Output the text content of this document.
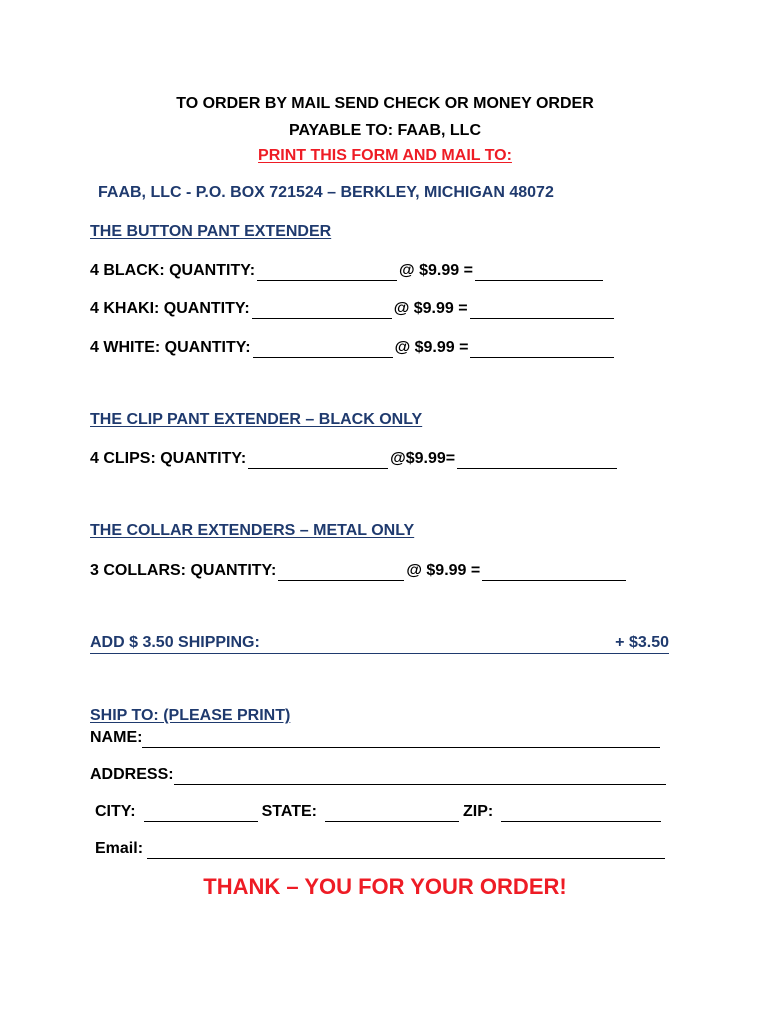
TO ORDER BY MAIL SEND CHECK OR MONEY ORDER
PAYABLE TO: FAAB, LLC
PRINT THIS FORM AND MAIL TO:
FAAB, LLC - P.O. BOX 721524 – BERKLEY, MICHIGAN 48072
THE BUTTON PANT EXTENDER
4 BLACK: QUANTITY:	@ $9.99 =
4 KHAKI: QUANTITY:	@ $9.99 =
4 WHITE: QUANTITY:	@ $9.99 =
THE CLIP PANT EXTENDER – BLACK ONLY
4 CLIPS: QUANTITY:	@$9.99=
THE COLLAR EXTENDERS – METAL ONLY
3 COLLARS: QUANTITY:	@ $9.99 =
ADD $ 3.50 SHIPPING:	+ $3.50
SHIP TO: (PLEASE PRINT)
NAME:
ADDRESS:
CITY:	STATE:	ZIP:
Email:
THANK – YOU FOR YOUR ORDER!
